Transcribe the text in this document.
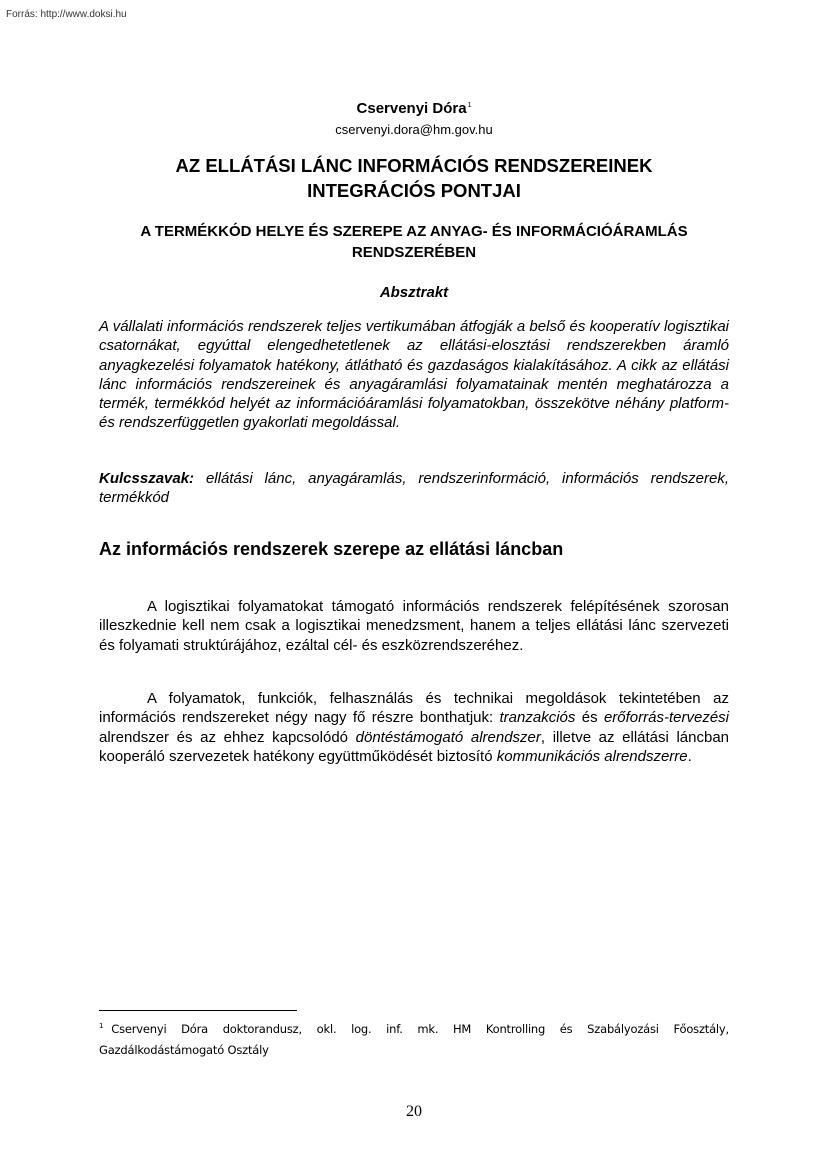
Forrás: http://www.doksi.hu
Cservenyi Dóra$^1$
cservenyi.dora@hm.gov.hu
AZ ELLÁTÁSI LÁNC INFORMÁCIÓS RENDSZEREINEK
INTEGRÁCIÓS PONTJAI
A TERMÉKKÓD HELYE ÉS SZEREPE AZ ANYAG- ÉS INFORMÁCIÓÁRAMLÁS
RENDSZERÉBEN
Absztrakt

A vállalati információs rendszerek teljes vertikumában átfogják a belső és kooperatív logisztikai csatornákat, egyúttal elengedhetetlenek az ellátási-elosztási rendszerekben áramló anyagkezelési folyamatok hatékony, átlátható és gazdaságos kialakításához. A cikk az ellátási lánc információs rendszereinek és anyagáramlási folyamatainak mentén meghatározza a termék, termékkód helyét az információáramlási folyamatokban, összekötve néhány platform- és rendszerfüggetlen gyakorlati megoldással.

Kulcsszavak: ellátási lánc, anyagáramlás, rendszerinformáció, információs rendszerek, termékkód

Az információs rendszerek szerepe az ellátási láncban

A logisztikai folyamatokat támogató információs rendszerek felépítésének szorosan illeszkednie kell nem csak a logisztikai menedzsment, hanem a teljes ellátási lánc szervezeti és folyamati struktúrájához, ezáltal cél- és eszközrendszeréhez.

A folyamatok, funkciók, felhasználás és technikai megoldások tekintetében az információs rendszereket négy nagy fő részre bonthatjuk: tranzakciós és erőforrás-tervezési alrendszer és az ehhez kapcsolódó döntéstámogató alrendszer, illetve az ellátási láncban kooperáló szervezetek hatékony együttműködését biztosító kommunikációs alrendszerre.

$^1$ Cservenyi Dóra doktorandusz, okl. log. inf. mk. HM Kontrolling és Szabályozási Főosztály, Gazdálkodástámogató Osztály

20
